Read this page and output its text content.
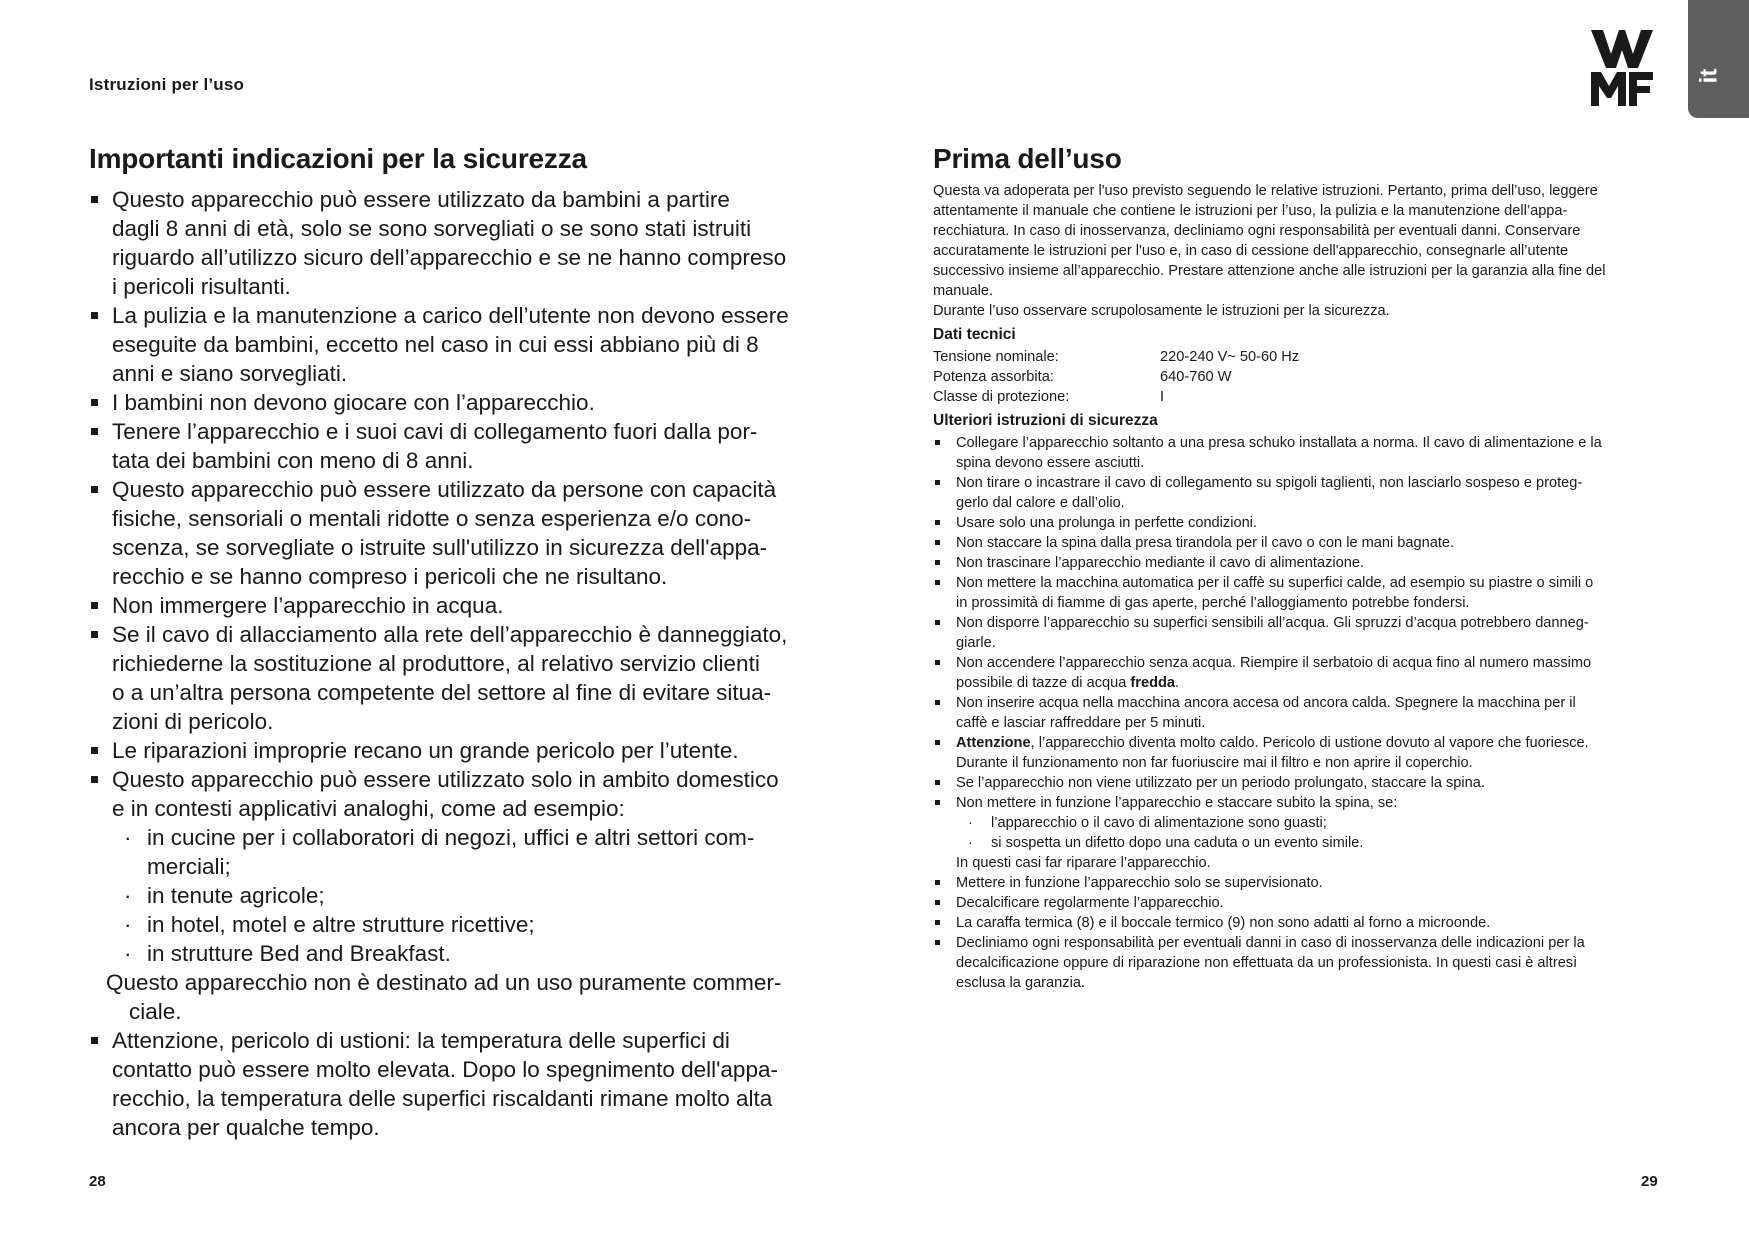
Istruzioni per l’uso	it
Importanti indicazioni per la sicurezza
Questo apparecchio può essere utilizzato da bambini a partire
dagli 8 anni di età, solo se sono sorvegliati o se sono stati istruiti
riguardo all’utilizzo sicuro dell’apparecchio e se ne hanno compreso
i pericoli risultanti.
La pulizia e la manutenzione a carico dell’utente non devono essere
eseguite da bambini, eccetto nel caso in cui essi abbiano più di 8
anni e siano sorvegliati.
I bambini non devono giocare con l’apparecchio.
Tenere l’apparecchio e i suoi cavi di collegamento fuori dalla por-
tata dei bambini con meno di 8 anni.
Questo apparecchio può essere utilizzato da persone con capacità
fisiche, sensoriali o mentali ridotte o senza esperienza e/o cono-
scenza, se sorvegliate o istruite sull'utilizzo in sicurezza dell'appa-
recchio e se hanno compreso i pericoli che ne risultano.
Non immergere l’apparecchio in acqua.
Se il cavo di allacciamento alla rete dell’apparecchio è danneggiato,
richiederne la sostituzione al produttore, al relativo servizio clienti
o a un’altra persona competente del settore al fine di evitare situa-
zioni di pericolo.
Le riparazioni improprie recano un grande pericolo per l’utente.
Questo apparecchio può essere utilizzato solo in ambito domestico
e in contesti applicativi analoghi, come ad esempio:
· in cucine per i collaboratori di negozi, uffici e altri settori com-
merciali;
· in tenute agricole;
· in hotel, motel e altre strutture ricettive;
· in strutture Bed and Breakfast.
Questo apparecchio non è destinato ad un uso puramente commer-
ciale.
Attenzione, pericolo di ustioni: la temperatura delle superfici di
contatto può essere molto elevata. Dopo lo spegnimento dell'appa-
recchio, la temperatura delle superfici riscaldanti rimane molto alta
ancora per qualche tempo.
Prima dell’uso
Questa va adoperata per l'uso previsto seguendo le relative istruzioni. Pertanto, prima dell’uso, leggere
attentamente il manuale che contiene le istruzioni per l’uso, la pulizia e la manutenzione dell’appa-
recchiatura. In caso di inosservanza, decliniamo ogni responsabilità per eventuali danni. Conservare
accuratamente le istruzioni per l'uso e, in caso di cessione dell'apparecchio, consegnarle all’utente
successivo insieme all’apparecchio. Prestare attenzione anche alle istruzioni per la garanzia alla fine del
manuale.
Durante l’uso osservare scrupolosamente le istruzioni per la sicurezza.
Dati tecnici
Tensione nominale:	220-240 V~ 50-60 Hz
Potenza assorbita:	640-760 W
Classe di protezione:	I
Ulteriori istruzioni di sicurezza
Collegare l’apparecchio soltanto a una presa schuko installata a norma. Il cavo di alimentazione e la
spina devono essere asciutti.
Non tirare o incastrare il cavo di collegamento su spigoli taglienti, non lasciarlo sospeso e proteg-
gerlo dal calore e dall’olio.
Usare solo una prolunga in perfette condizioni.
Non staccare la spina dalla presa tirandola per il cavo o con le mani bagnate.
Non trascinare l’apparecchio mediante il cavo di alimentazione.
Non mettere la macchina automatica per il caffè su superfici calde, ad esempio su piastre o simili o
in prossimità di fiamme di gas aperte, perché l’alloggiamento potrebbe fondersi.
Non disporre l’apparecchio su superfici sensibili all’acqua. Gli spruzzi d’acqua potrebbero danneg-
giarle.
Non accendere l’apparecchio senza acqua. Riempire il serbatoio di acqua fino al numero massimo
possibile di tazze di acqua fredda.
Non inserire acqua nella macchina ancora accesa od ancora calda. Spegnere la macchina per il
caffè e lasciar raffreddare per 5 minuti.
Attenzione, l’apparecchio diventa molto caldo. Pericolo di ustione dovuto al vapore che fuoriesce.
Durante il funzionamento non far fuoriuscire mai il filtro e non aprire il coperchio.
Se l’apparecchio non viene utilizzato per un periodo prolungato, staccare la spina.
Non mettere in funzione l’apparecchio e staccare subito la spina, se:
· l’apparecchio o il cavo di alimentazione sono guasti;
· si sospetta un difetto dopo una caduta o un evento simile.
In questi casi far riparare l’apparecchio.
Mettere in funzione l’apparecchio solo se supervisionato.
Decalcificare regolarmente l’apparecchio.
La caraffa termica (8) e il boccale termico (9) non sono adatti al forno a microonde.
Decliniamo ogni responsabilità per eventuali danni in caso di inosservanza delle indicazioni per la
decalcificazione oppure di riparazione non effettuata da un professionista. In questi casi è altresì
esclusa la garanzia.
28	29
